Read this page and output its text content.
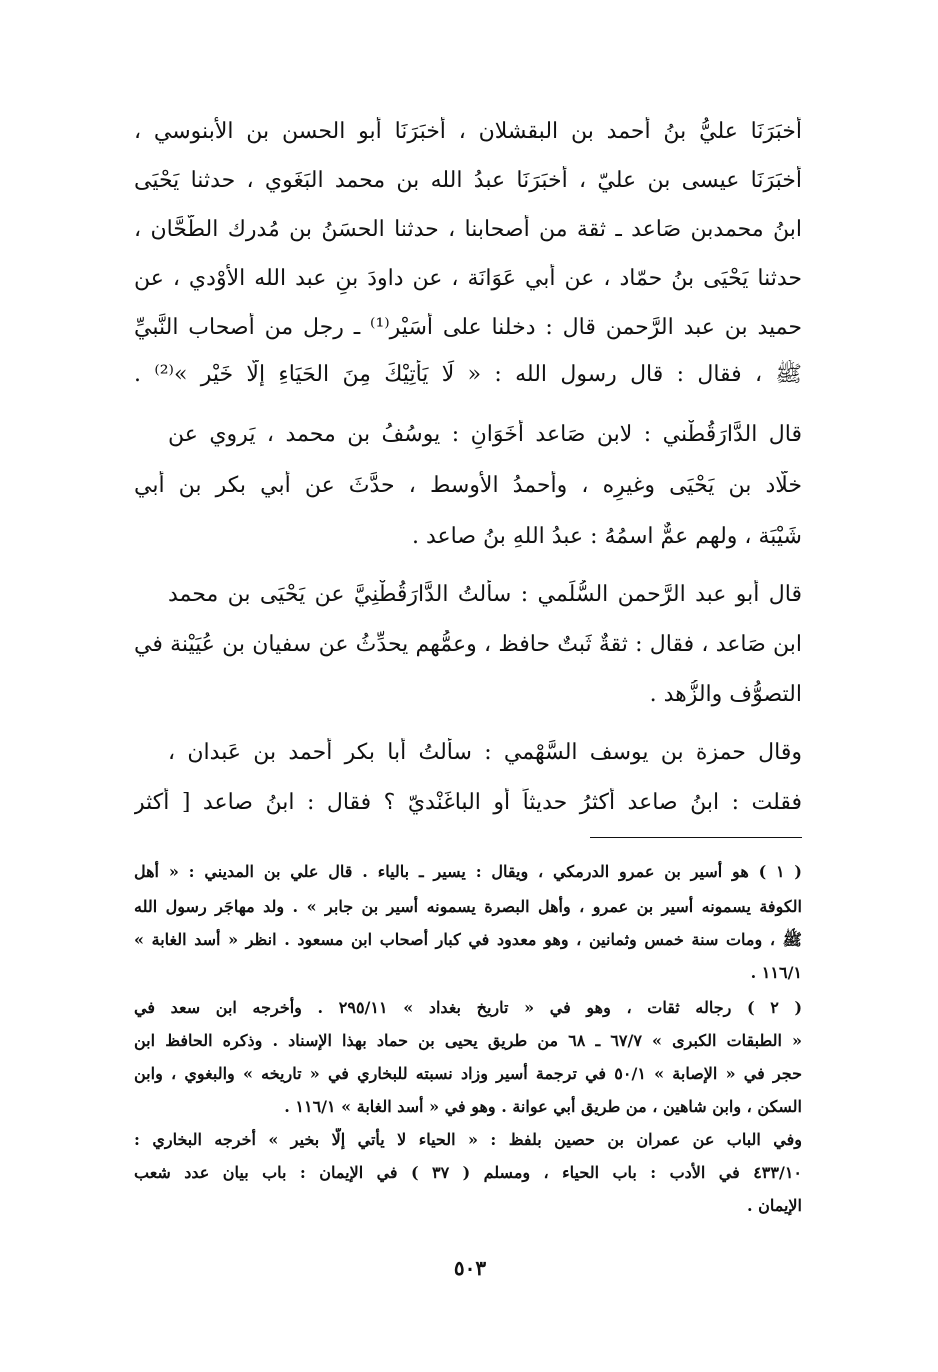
أخبَرَنَا عليُّ بنُ أحمد بن البقشلان ، أخبَرَنَا أبو الحسن بن الأبنوسي ،
أخبَرَنَا عيسى بن عليّ ، أخبَرَنَا عبدُ الله بن محمد البَغَوي ، حدثنا يَحْيَى
ابنُ محمدبن صَاعد ـ ثقة من أصحابنا ، حدثنا الحسَنُ بن مُدرك الطَّحَّان ،
حدثنا يَحْيَى بنُ حمّاد ، عن أبي عَوَانَة ، عن داودَ بنِ عبد الله الأوْدي ، عن
حميد بن عبد الرَّحمن قال : دخلنا على أُسَيْر⁽¹⁾ ـ رجل من أصحاب النَّبيِّ
ﷺ ، فقال : قال رسول الله : « لَا يَأتِيْكَ مِنَ الحَيَاءِ إلَّا خَيْر »⁽²⁾ .
قال الدَّارَقُطْني : لابن صَاعد أخَوَانِ : يوسُفُ بن محمد ، يَروي عن
خلَّاد بن يَحْيَى وغيرِه ، وأحمدُ الأوسط ، حدَّثَ عن أبي بكر بن أبي
شَيْبَة ، ولهم عمٌّ اسمُهُ : عبدُ اللهِ بنُ صاعد .
قال أبو عبد الرَّحمن السُّلَمي : سألتُ الدَّارَقُطْنِيَّ عن يَحْيَى بن محمد
ابن صَاعد ، فقال : ثقةٌ ثَبتٌ حافظ ، وعمُّهم يحدِّثُ عن سفيان بن عُيَيْنة في
التصوُّف والزُّهد .
وقال حمزة بن يوسف السَّهْمي : سألتُ أبا بكر أحمد بن عَبدان ،
فقلت : ابنُ صاعد أكثرُ حديثاً أو الباغَنْديّ ؟ فقال : ابنُ صاعد [ أكثر
( ١ ) هو أسير بن عمرو الدرمكي ، ويقال : يسير ـ بالياء . قال علي بن المديني : « أهل
الكوفة يسمونه أسير بن عمرو ، وأهل البصرة يسمونه أسير بن جابر » . ولد مهاجَر رسول الله
ﷺ ، ومات سنة خمس وثمانين ، وهو معدود في كبار أصحاب ابن مسعود . انظر « أسد الغابة »
١١٦/١ .
( ٢ ) رجاله ثقات ، وهو في « تاريخ بغداد » ٢٩٥/١١ . وأخرجه ابن سعد في
« الطبقات الكبرى » ٦٧/٧ ـ ٦٨ من طريق يحيى بن حماد بهذا الإسناد . وذكره الحافظ ابن
حجر في « الإصابة » ٥٠/١ في ترجمة أسير وزاد نسبته للبخاري في « تاريخه » والبغوي ، وابن
السكن ، وابن شاهين ، من طريق أبي عوانة . وهو في « أسد الغابة » ١١٦/١ .
وفي الباب عن عمران بن حصين بلفظ : « الحياء لا يأتي إلَّا بخير » أخرجه البخاري :
٤٣٣/١٠ في الأدب : باب الحياء ، ومسلم ( ٣٧ ) في الإيمان : باب بيان عدد شعب
الإيمان .
٥٠٣
